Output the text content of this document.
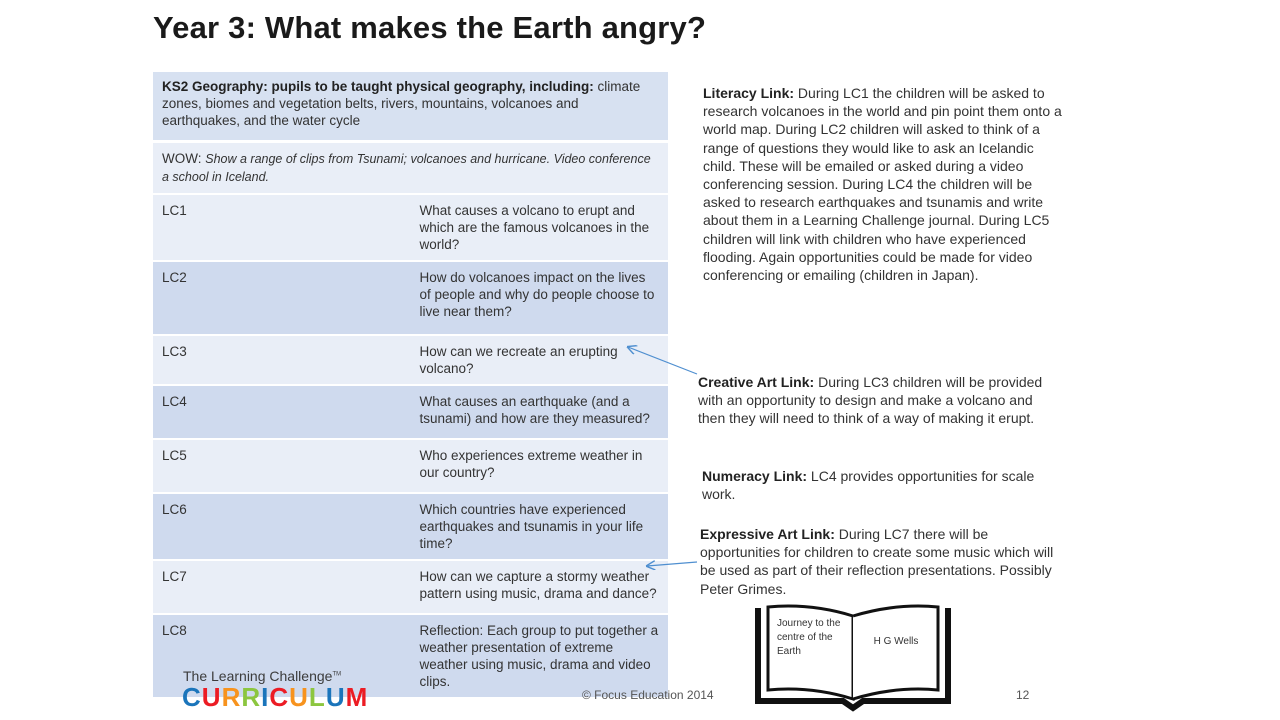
Year 3: What makes the Earth angry?
KS2 Geography: pupils to be taught physical geography, including: climate zones, biomes and vegetation belts, rivers, mountains, volcanoes and earthquakes, and the water cycle
WOW: Show a range of clips from Tsunami; volcanoes and hurricane. Video conference a school in Iceland.	
LC1	What causes a volcano to erupt and which are the famous volcanoes in the world?
LC2	How do volcanoes impact on the lives of people and why do people choose to live near them?
LC3	How can we recreate an erupting volcano?
LC4	What causes an earthquake (and a tsunami) and how are they measured?
LC5	Who experiences extreme weather in our country?
LC6	Which countries have experienced earthquakes and tsunamis in your life time?
LC7	How can we capture a stormy weather pattern using music, drama and dance?
LC8	Reflection: Each group to put together a weather presentation of extreme weather using music, drama and video clips.
Literacy Link: During LC1 the children will be asked to research volcanoes in the world and pin point them onto a world map. During LC2 children will asked to think of a range of questions they would like to ask an Icelandic child. These will be emailed or asked during a video conferencing session. During LC4 the children will be asked to research earthquakes and tsunamis and write about them in a Learning Challenge journal. During LC5 children will link with children who have experienced flooding. Again opportunities could be made for video conferencing or emailing (children in Japan).
Creative Art Link: During LC3 children will be provided with an opportunity to design and make a volcano and then they will need to think of a way of making it erupt.
Numeracy Link: LC4 provides opportunities for scale work.
Expressive Art Link: During LC7 there will be opportunities for children to create some music which will be used as part of their reflection presentations. Possibly Peter Grimes.
Journey to the centre of the Earth
H G Wells
The Learning Challenge™
CURRICULUM	© Focus Education 2014	12
